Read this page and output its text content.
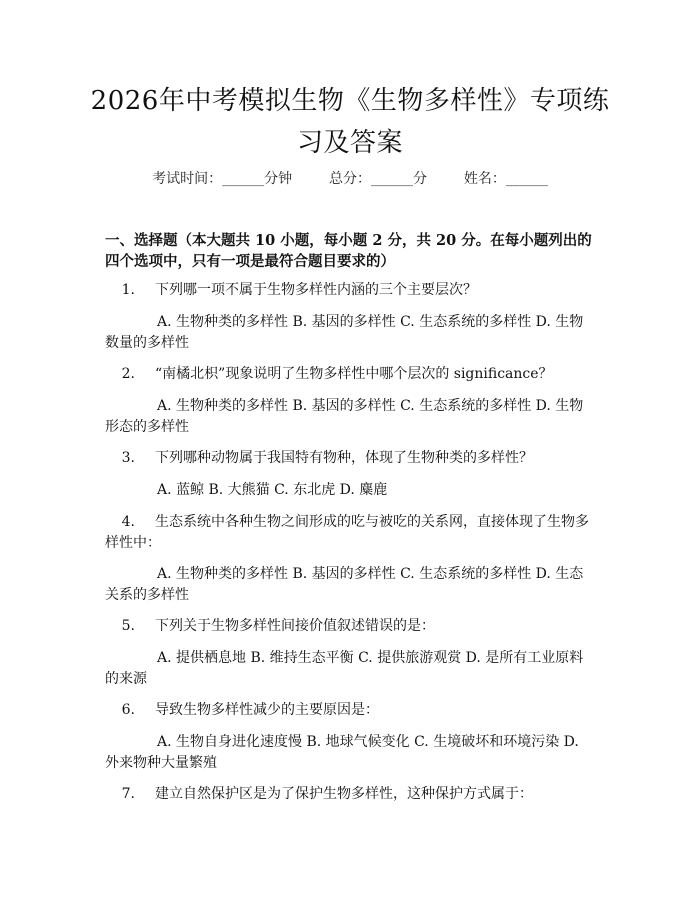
2026年中考模拟生物《生物多样性》专项练习及答案
考试时间：______分钟	总分：______分	姓名：______
一、选择题（本大题共 10 小题，每小题 2 分，共 20 分。在每小题列出的四个选项中，只有一项是最符合题目要求的）
1. 下列哪一项不属于生物多样性内涵的三个主要层次？
A. 生物种类的多样性 B. 基因的多样性 C. 生态系统的多样性 D. 生物数量的多样性
2. “南橘北枳”现象说明了生物多样性中哪个层次的 significance？
A. 生物种类的多样性 B. 基因的多样性 C. 生态系统的多样性 D. 生物形态的多样性
3. 下列哪种动物属于我国特有物种，体现了生物种类的多样性？
A. 蓝鲸 B. 大熊猫 C. 东北虎 D. 麋鹿
4. 生态系统中各种生物之间形成的吃与被吃的关系网，直接体现了生物多样性中：
A. 生物种类的多样性 B. 基因的多样性 C. 生态系统的多样性 D. 生态关系的多样性
5. 下列关于生物多样性间接价值叙述错误的是：
A. 提供栖息地 B. 维持生态平衡 C. 提供旅游观赏 D. 是所有工业原料的来源
6. 导致生物多样性减少的主要原因是：
A. 生物自身进化速度慢 B. 地球气候变化 C. 生境破坏和环境污染 D. 外来物种大量繁殖
7. 建立自然保护区是为了保护生物多样性，这种保护方式属于：
